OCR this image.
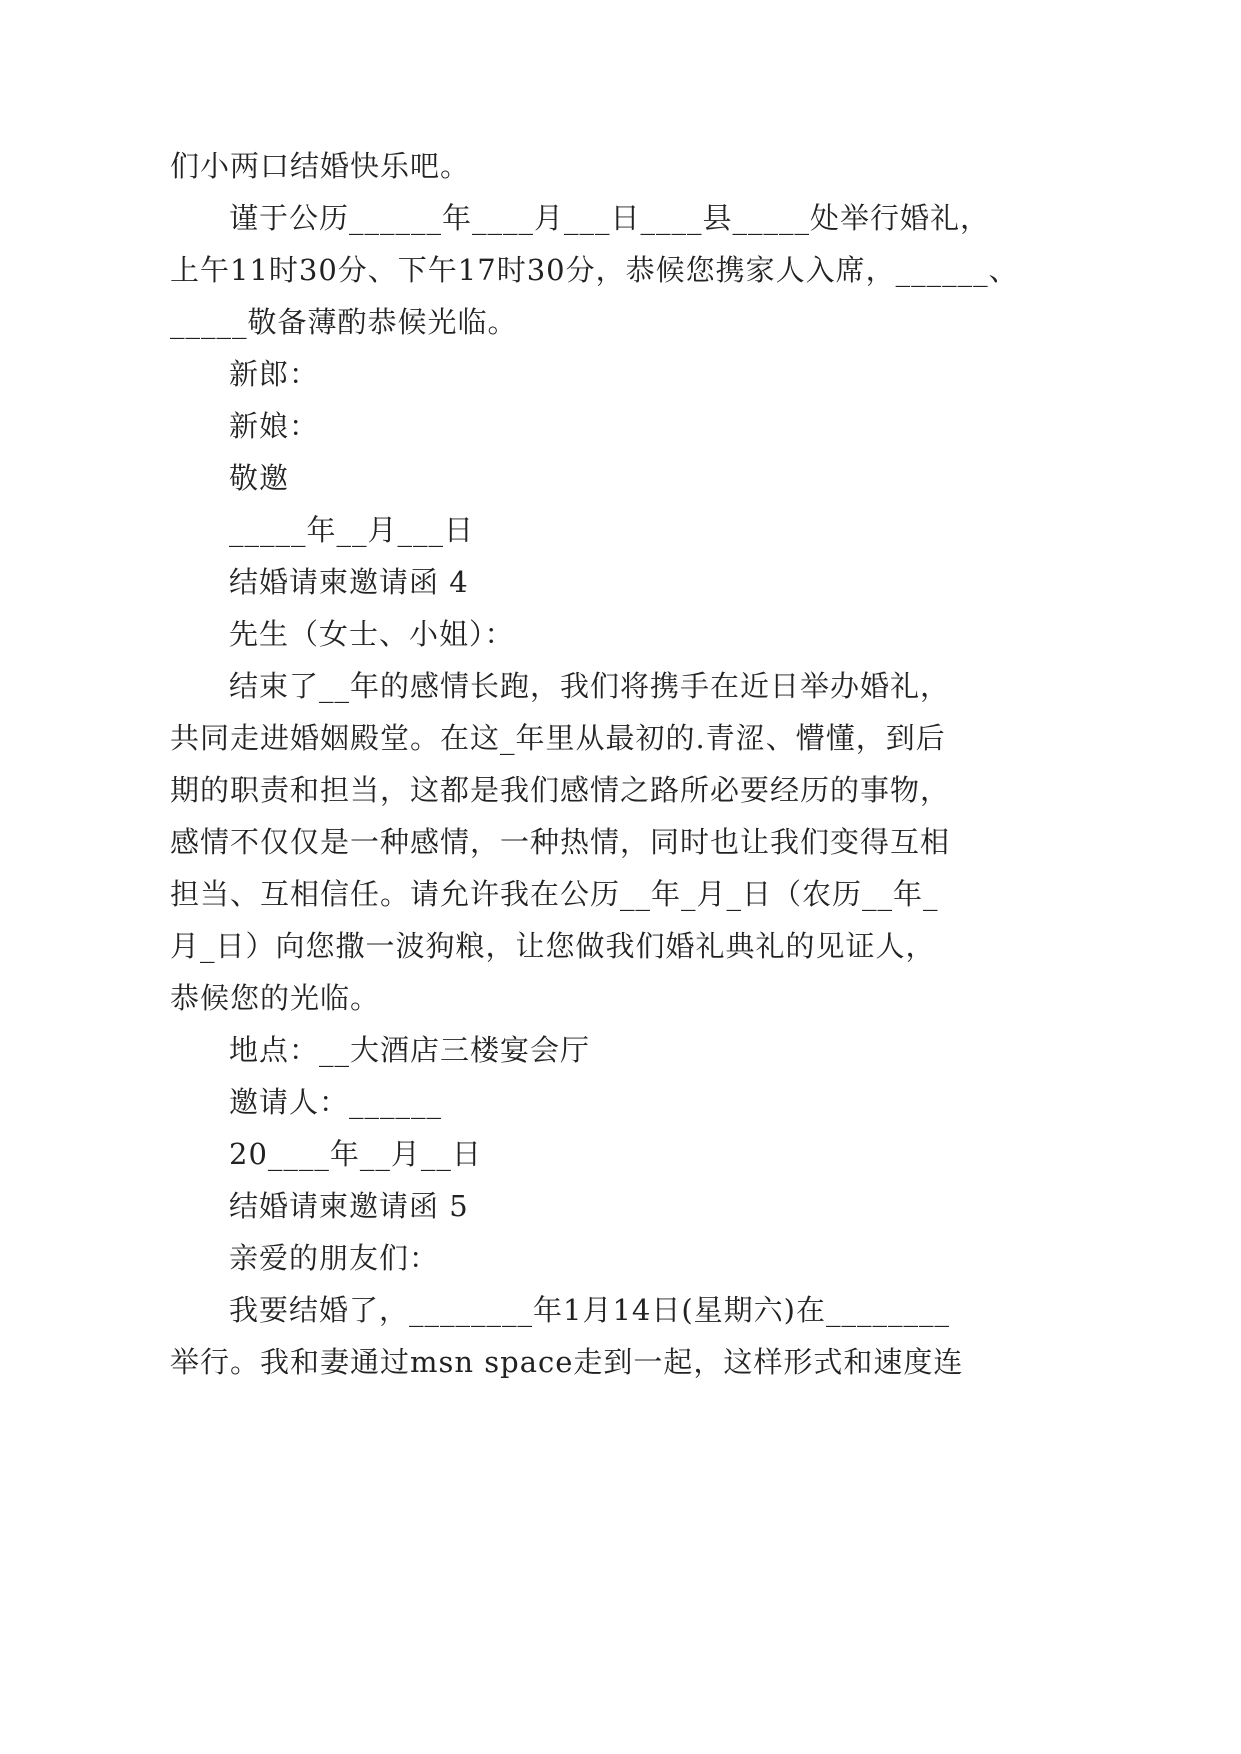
们小两口结婚快乐吧。
谨于公历______年____月___日____县_____处举行婚礼，
上午11时30分、下午17时30分，恭候您携家人入席，______、
_____敬备薄酌恭候光临。
新郎：
新娘：
敬邀
_____年__月___日
结婚请柬邀请函 4
先生（女士、小姐）：
结束了__年的感情长跑，我们将携手在近日举办婚礼，
共同走进婚姻殿堂。在这_年里从最初的.青涩、懵懂，到后
期的职责和担当，这都是我们感情之路所必要经历的事物，
感情不仅仅是一种感情，一种热情，同时也让我们变得互相
担当、互相信任。请允许我在公历__年_月_日（农历__年_
月_日）向您撒一波狗粮，让您做我们婚礼典礼的见证人，
恭候您的光临。
地点：__大酒店三楼宴会厅
邀请人：______
20____年__月__日
结婚请柬邀请函 5
亲爱的朋友们：
我要结婚了，________年1月14日(星期六)在________
举行。我和妻通过msn space走到一起，这样形式和速度连
